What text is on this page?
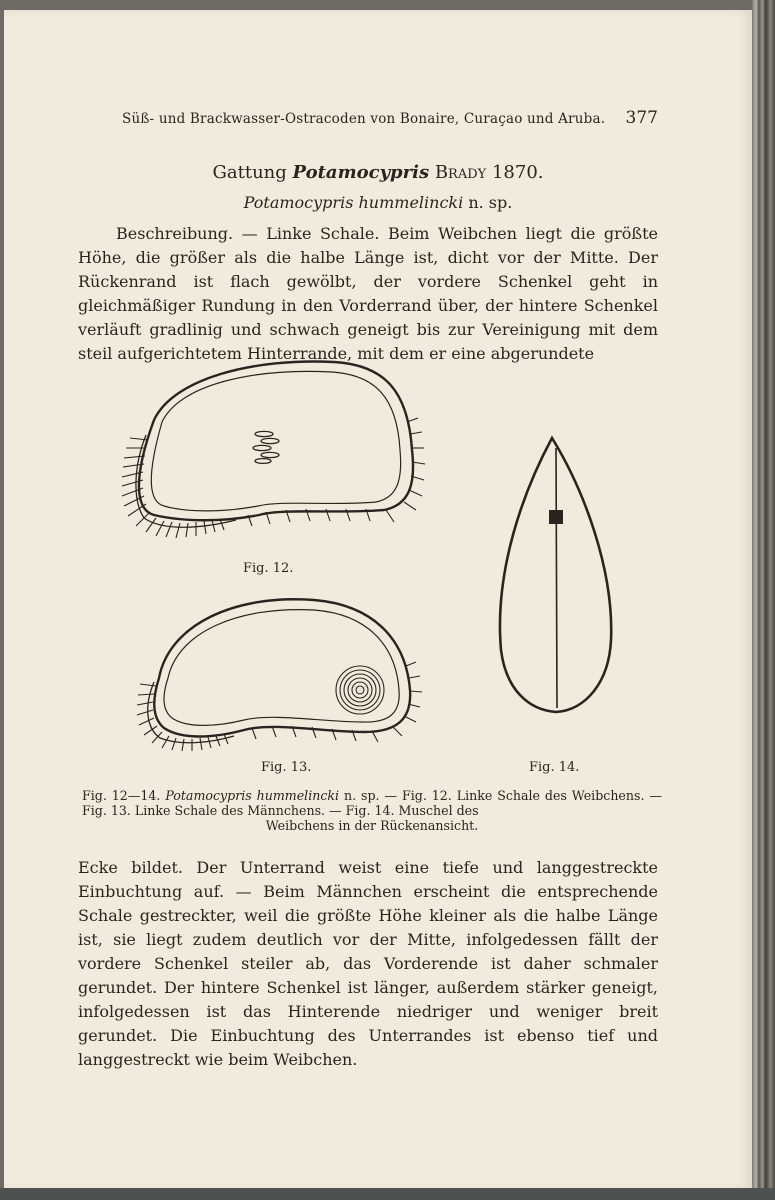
Süß- und Brackwasser-Ostracoden von Bonaire, Curaçao und Aruba. 377
Gattung Potamocypris Brady 1870.
Potamocypris hummelincki n. sp.
Beschreibung. — Linke Schale. Beim Weibchen liegt die größte Höhe, die größer als die halbe Länge ist, dicht vor der Mitte. Der Rückenrand ist flach gewölbt, der vordere Schenkel geht in gleichmäßiger Rundung in den Vorderrand über, der hintere Schenkel verläuft gradlinig und schwach geneigt bis zur Vereinigung mit dem steil aufgerichtetem Hinterrande, mit dem er eine abgerundete
Fig. 12.
Fig. 13.	Fig. 14.
Fig. 12—14. Potamocypris hummelincki n. sp. — Fig. 12. Linke Schale des Weibchens. — Fig. 13. Linke Schale des Männchens. — Fig. 14. Muschel des
Weibchens in der Rückenansicht.
Ecke bildet. Der Unterrand weist eine tiefe und langgestreckte Einbuchtung auf. — Beim Männchen erscheint die entsprechende Schale gestreckter, weil die größte Höhe kleiner als die halbe Länge ist, sie liegt zudem deutlich vor der Mitte, infolgedessen fällt der vordere Schenkel steiler ab, das Vorderende ist daher schmaler gerundet. Der hintere Schenkel ist länger, außerdem stärker geneigt, infolgedessen ist das Hinterende niedriger und weniger breit gerundet. Die Einbuchtung des Unterrandes ist ebenso tief und langgestreckt wie beim Weibchen.
